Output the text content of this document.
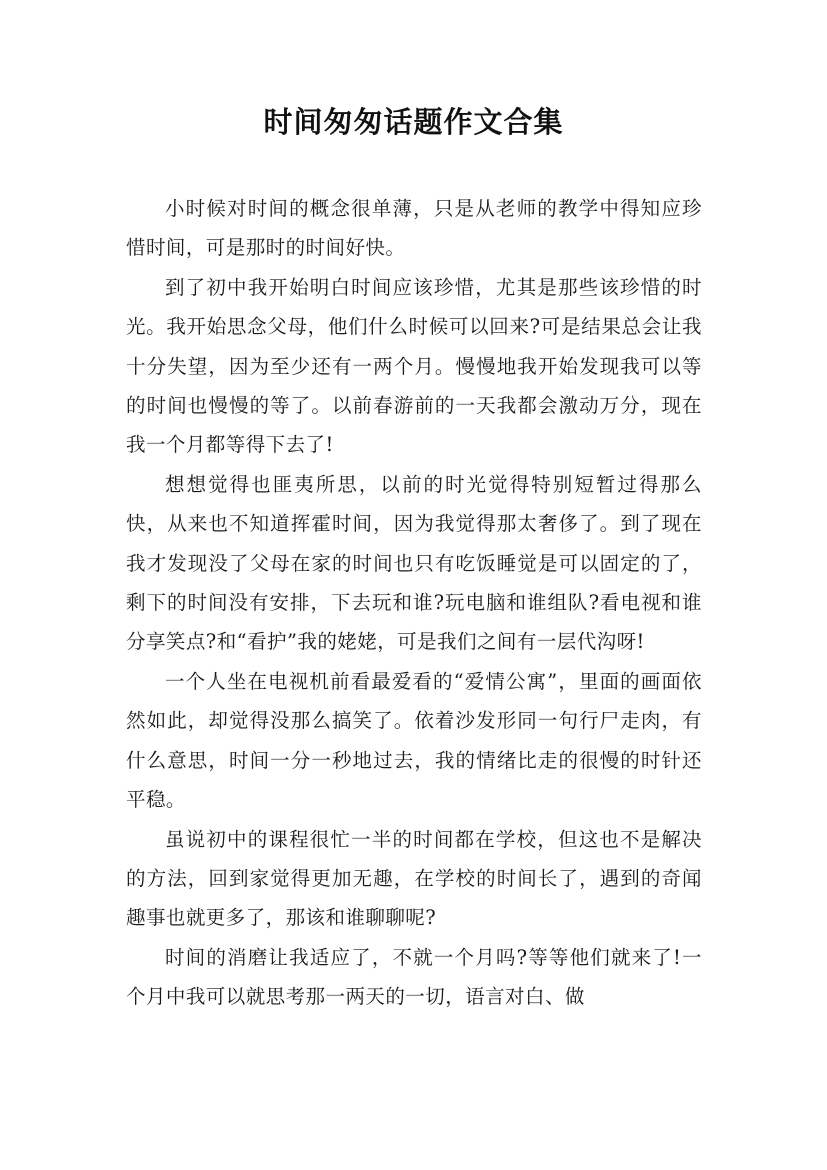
时间匆匆话题作文合集

小时候对时间的概念很单薄，只是从老师的教学中得知应珍惜时间，可是那时的时间好快。

到了初中我开始明白时间应该珍惜，尤其是那些该珍惜的时光。我开始思念父母，他们什么时候可以回来?可是结果总会让我十分失望，因为至少还有一两个月。慢慢地我开始发现我可以等的时间也慢慢的等了。以前春游前的一天我都会激动万分，现在我一个月都等得下去了!

想想觉得也匪夷所思，以前的时光觉得特别短暂过得那么快，从来也不知道挥霍时间，因为我觉得那太奢侈了。到了现在我才发现没了父母在家的时间也只有吃饭睡觉是可以固定的了，剩下的时间没有安排，下去玩和谁?玩电脑和谁组队?看电视和谁分享笑点?和“看护”我的姥姥，可是我们之间有一层代沟呀!

一个人坐在电视机前看最爱看的“爱情公寓”，里面的画面依然如此，却觉得没那么搞笑了。依着沙发形同一句行尸走肉，有什么意思，时间一分一秒地过去，我的情绪比走的很慢的时针还平稳。

虽说初中的课程很忙一半的时间都在学校，但这也不是解决的方法，回到家觉得更加无趣，在学校的时间长了，遇到的奇闻趣事也就更多了，那该和谁聊聊呢?

时间的消磨让我适应了，不就一个月吗?等等他们就来了!一个月中我可以就思考那一两天的一切，语言对白、做
